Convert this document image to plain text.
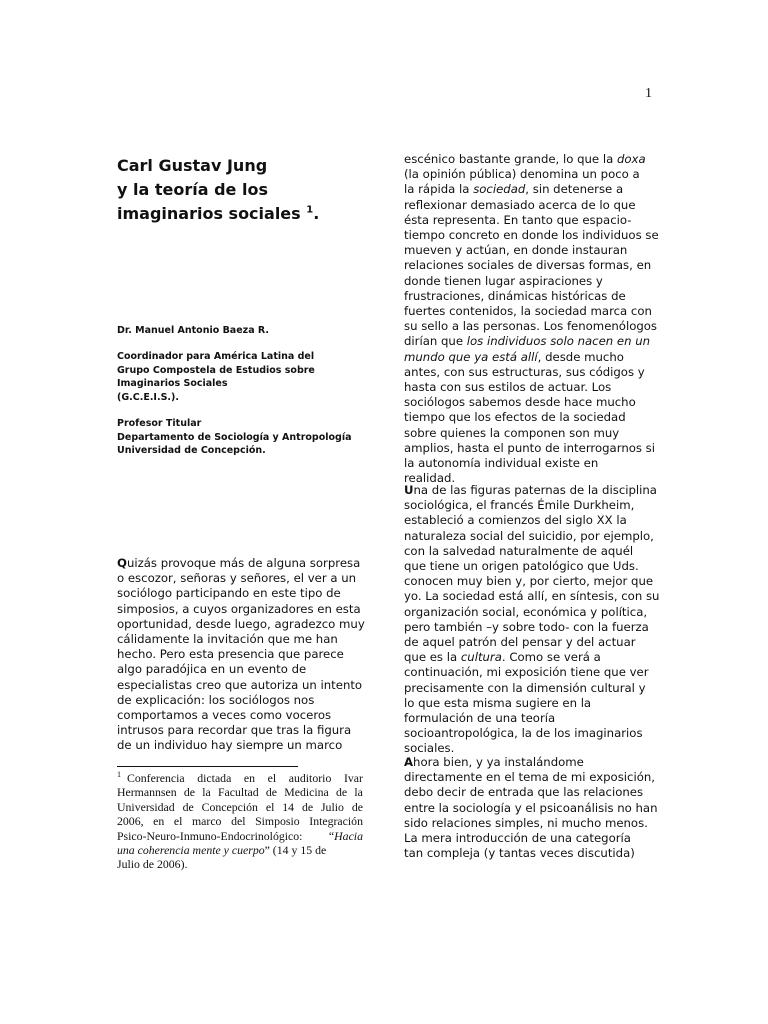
1
Carl Gustav Jung
y la teoría de los
imaginarios sociales $^1$.
Dr. Manuel Antonio Baeza R.
Coordinador para América Latina del
Grupo Compostela de Estudios sobre
Imaginarios Sociales
(G.C.E.I.S.).
Profesor Titular
Departamento de Sociología y Antropología
Universidad de Concepción.
Quizás provoque más de alguna sorpresa
o escozor, señoras y señores, el ver a un
sociólogo participando en este tipo de
simposios, a cuyos organizadores en esta
oportunidad, desde luego, agradezco muy
cálidamente la invitación que me han
hecho. Pero esta presencia que parece
algo paradójica en un evento de
especialistas creo que autoriza un intento
de explicación: los sociólogos nos
comportamos a veces como voceros
intrusos para recordar que tras la figura
de un individuo hay siempre un marco
$^1$ Conferencia dictada en el auditorio Ivar
Hermannsen de la Facultad de Medicina de la
Universidad de Concepción el 14 de Julio de
2006, en el marco del Simposio Integración
Psico-Neuro-Inmuno-Endocrinológico: “Hacia
una coherencia mente y cuerpo” (14 y 15 de
Julio de 2006).
escénico bastante grande, lo que la doxa
(la opinión pública) denomina un poco a
la rápida la sociedad, sin detenerse a
reflexionar demasiado acerca de lo que
ésta representa. En tanto que espacio-
tiempo concreto en donde los individuos se
mueven y actúan, en donde instauran
relaciones sociales de diversas formas, en
donde tienen lugar aspiraciones y
frustraciones, dinámicas históricas de
fuertes contenidos, la sociedad marca con
su sello a las personas. Los fenomenólogos
dirían que los individuos solo nacen en un
mundo que ya está allí, desde mucho
antes, con sus estructuras, sus códigos y
hasta con sus estilos de actuar. Los
sociólogos sabemos desde hace mucho
tiempo que los efectos de la sociedad
sobre quienes la componen son muy
amplios, hasta el punto de interrogarnos si
la autonomía individual existe en
realidad.
Una de las figuras paternas de la disciplina
sociológica, el francés Émile Durkheim,
estableció a comienzos del siglo XX la
naturaleza social del suicidio, por ejemplo,
con la salvedad naturalmente de aquél
que tiene un origen patológico que Uds.
conocen muy bien y, por cierto, mejor que
yo. La sociedad está allí, en síntesis, con su
organización social, económica y política,
pero también –y sobre todo- con la fuerza
de aquel patrón del pensar y del actuar
que es la cultura. Como se verá a
continuación, mi exposición tiene que ver
precisamente con la dimensión cultural y
lo que esta misma sugiere en la
formulación de una teoría
socioantropológica, la de los imaginarios
sociales.
Ahora bien, y ya instalándome
directamente en el tema de mi exposición,
debo decir de entrada que las relaciones
entre la sociología y el psicoanálisis no han
sido relaciones simples, ni mucho menos.
La mera introducción de una categoría
tan compleja (y tantas veces discutida)
